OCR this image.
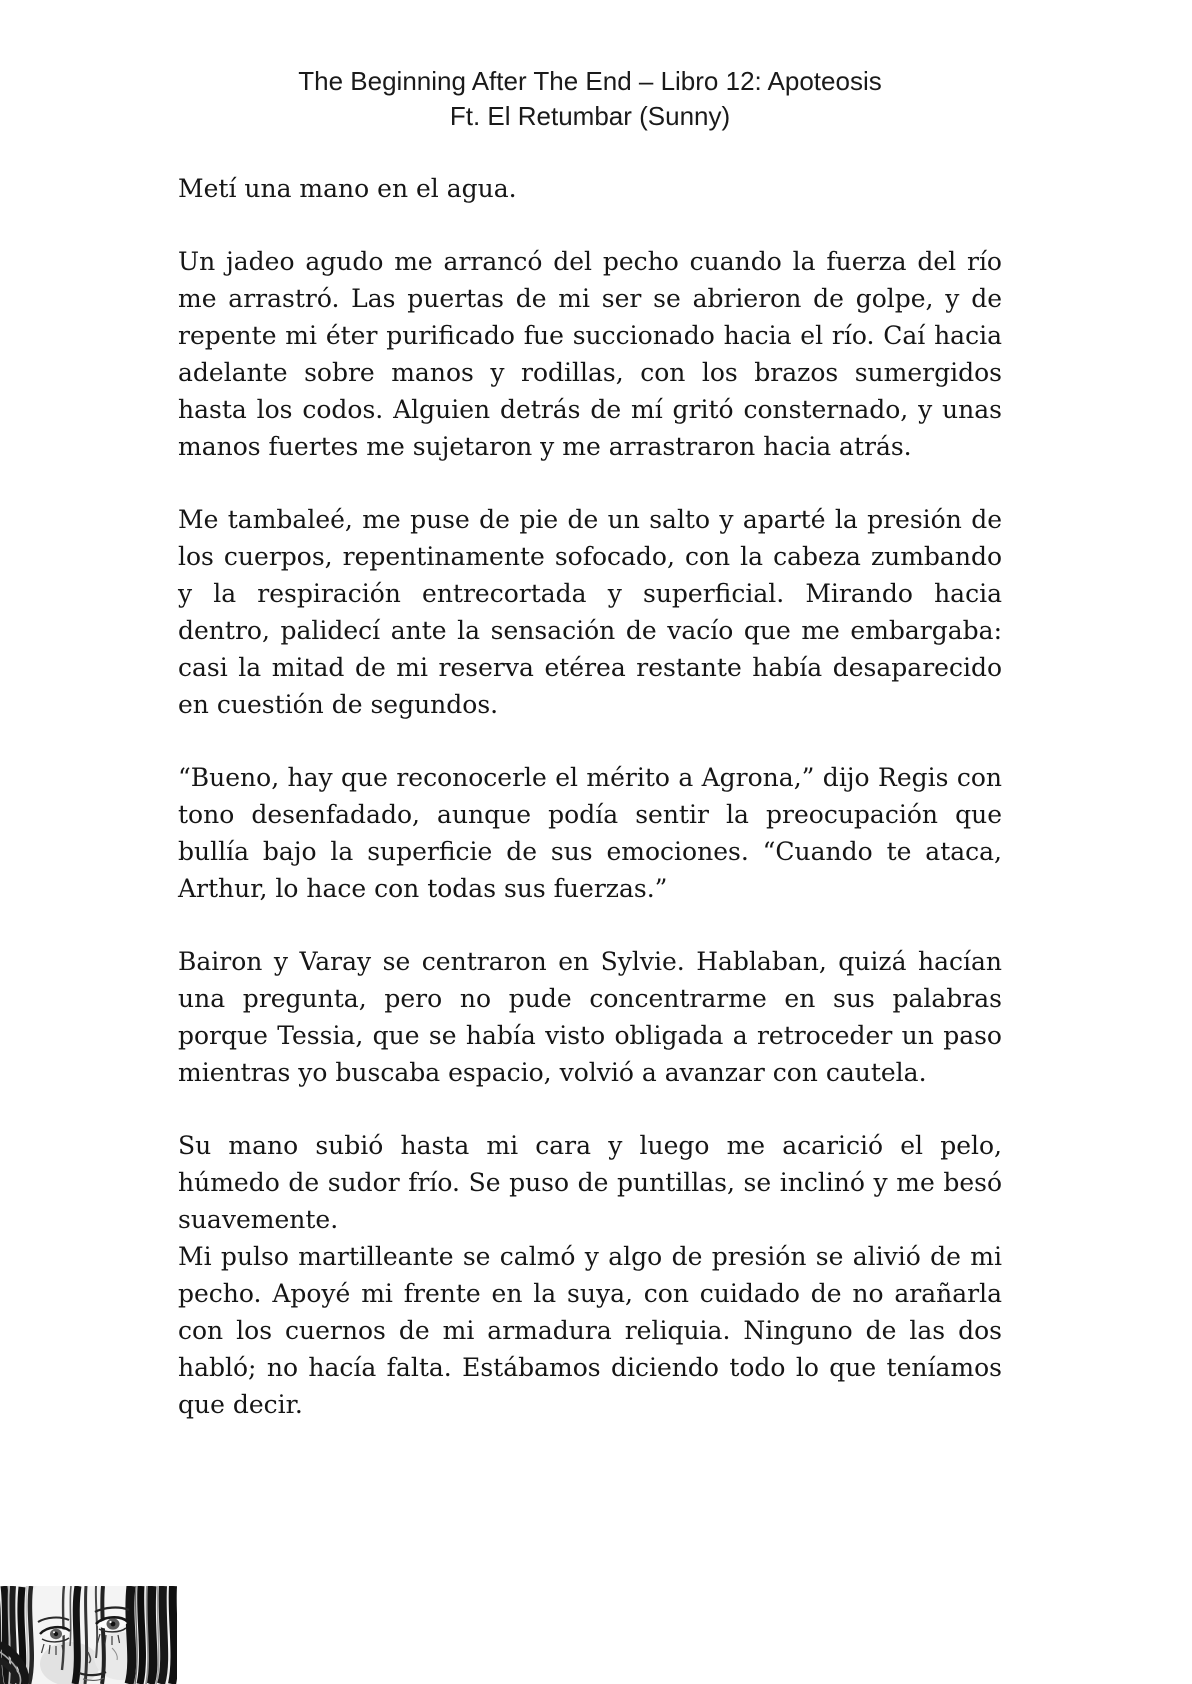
The Beginning After The End – Libro 12: Apoteosis
Ft. El Retumbar (Sunny)

Metí una mano en el agua.

Un jadeo agudo me arrancó del pecho cuando la fuerza del río me arrastró. Las puertas de mi ser se abrieron de golpe, y de repente mi éter purificado fue succionado hacia el río. Caí hacia adelante sobre manos y rodillas, con los brazos sumergidos hasta los codos. Alguien detrás de mí gritó consternado, y unas manos fuertes me sujetaron y me arrastraron hacia atrás.

Me tambaleé, me puse de pie de un salto y aparté la presión de los cuerpos, repentinamente sofocado, con la cabeza zumbando y la respiración entrecortada y superficial. Mirando hacia dentro, palidecí ante la sensación de vacío que me embargaba: casi la mitad de mi reserva etérea restante había desaparecido en cuestión de segundos.

“Bueno, hay que reconocerle el mérito a Agrona,” dijo Regis con tono desenfadado, aunque podía sentir la preocupación que bullía bajo la superficie de sus emociones. “Cuando te ataca, Arthur, lo hace con todas sus fuerzas.”

Bairon y Varay se centraron en Sylvie. Hablaban, quizá hacían una pregunta, pero no pude concentrarme en sus palabras porque Tessia, que se había visto obligada a retroceder un paso mientras yo buscaba espacio, volvió a avanzar con cautela.

Su mano subió hasta mi cara y luego me acarició el pelo, húmedo de sudor frío. Se puso de puntillas, se inclinó y me besó suavemente.

Mi pulso martilleante se calmó y algo de presión se alivió de mi pecho. Apoyé mi frente en la suya, con cuidado de no arañarla con los cuernos de mi armadura reliquia. Ninguno de las dos habló; no hacía falta. Estábamos diciendo todo lo que teníamos que decir.
